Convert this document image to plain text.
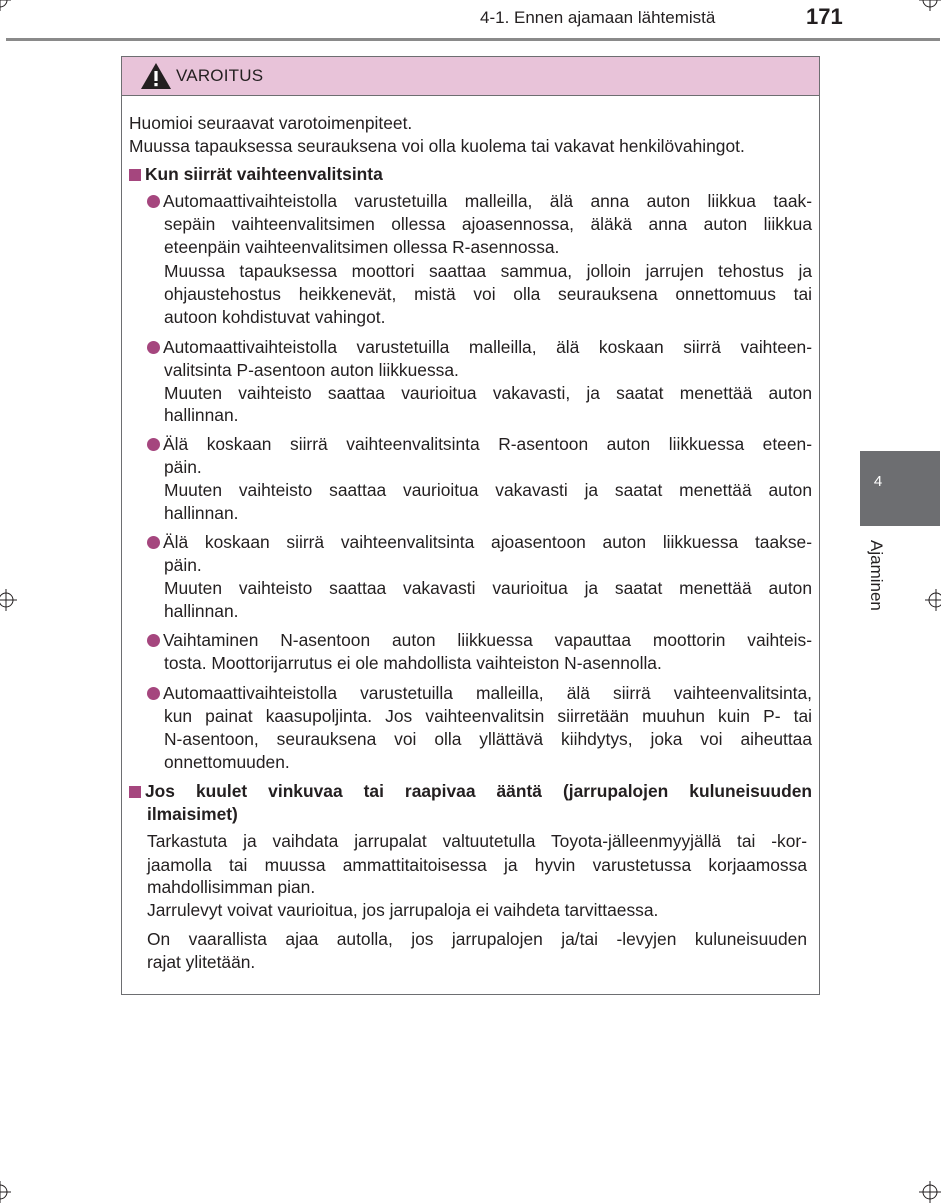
4-1. Ennen ajamaan lähtemistä	171
4
Ajaminen
VAROITUS
Huomioi seuraavat varotoimenpiteet.
Muussa tapauksessa seurauksena voi olla kuolema tai vakavat henkilövahingot.
Kun siirrät vaihteenvalitsinta
Automaattivaihteistolla varustetuilla malleilla, älä anna auton liikkua taak-
sepäin vaihteenvalitsimen ollessa ajoasennossa, äläkä anna auton liikkua
eteenpäin vaihteenvalitsimen ollessa R-asennossa.
Muussa tapauksessa moottori saattaa sammua, jolloin jarrujen tehostus ja
ohjaustehostus heikkenevät, mistä voi olla seurauksena onnettomuus tai
autoon kohdistuvat vahingot.
Automaattivaihteistolla varustetuilla malleilla, älä koskaan siirrä vaihteen-
valitsinta P-asentoon auton liikkuessa.
Muuten vaihteisto saattaa vaurioitua vakavasti, ja saatat menettää auton
hallinnan.
Älä koskaan siirrä vaihteenvalitsinta R-asentoon auton liikkuessa eteen-
päin.
Muuten vaihteisto saattaa vaurioitua vakavasti ja saatat menettää auton
hallinnan.
Älä koskaan siirrä vaihteenvalitsinta ajoasentoon auton liikkuessa taakse-
päin.
Muuten vaihteisto saattaa vakavasti vaurioitua ja saatat menettää auton
hallinnan.
Vaihtaminen N-asentoon auton liikkuessa vapauttaa moottorin vaihteis-
tosta. Moottorijarrutus ei ole mahdollista vaihteiston N-asennolla.
Automaattivaihteistolla varustetuilla malleilla, älä siirrä vaihteenvalitsinta,
kun painat kaasupoljinta. Jos vaihteenvalitsin siirretään muuhun kuin P- tai
N-asentoon, seurauksena voi olla yllättävä kiihdytys, joka voi aiheuttaa
onnettomuuden.
Jos kuulet vinkuvaa tai raapivaa ääntä (jarrupalojen kuluneisuuden
ilmaisimet)
Tarkastuta ja vaihdata jarrupalat valtuutetulla Toyota-jälleenmyyjällä tai -kor-
jaamolla tai muussa ammattitaitoisessa ja hyvin varustetussa korjaamossa
mahdollisimman pian.
Jarrulevyt voivat vaurioitua, jos jarrupaloja ei vaihdeta tarvittaessa.
On vaarallista ajaa autolla, jos jarrupalojen ja/tai -levyjen kuluneisuuden
rajat ylitetään.
